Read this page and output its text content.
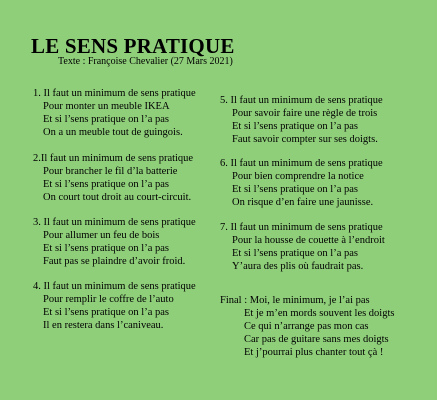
LE SENS PRATIQUE
Texte : Françoise Chevalier (27 Mars 2021)
1. Il faut un minimum de sens pratique
Pour monter un meuble IKEA
Et si l’sens pratique on l’a pas
On a un meuble tout de guingois.
2.Il faut un minimum de sens pratique
Pour brancher le fil d’la batterie
Et si l’sens pratique on l’a pas
On court tout droit au court-circuit.
3. Il faut un minimum de sens pratique
Pour allumer un feu de bois
Et si l’sens pratique on l’a pas
Faut pas se plaindre d’avoir froid.
4. Il faut un minimum de sens pratique
Pour remplir le coffre de l’auto
Et si l’sens pratique on l’a pas
Il en restera dans l’caniveau.
5. Il faut un minimum de sens pratique
Pour savoir faire une règle de trois
Et si l’sens pratique on l’a pas
Faut savoir compter sur ses doigts.
6. Il faut un minimum de sens pratique
Pour bien comprendre la notice
Et si l’sens pratique on l’a pas
On risque d’en faire une jaunisse.
7. Il faut un minimum de sens pratique
Pour la housse de couette à l’endroit
Et si l’sens pratique on l’a pas
Y’aura des plis où faudrait pas.
Final : Moi, le minimum, je l’ai pas
Et je m’en mords souvent les doigts
Ce qui n’arrange pas mon cas
Car pas de guitare sans mes doigts
Et j’pourrai plus chanter tout çà !
